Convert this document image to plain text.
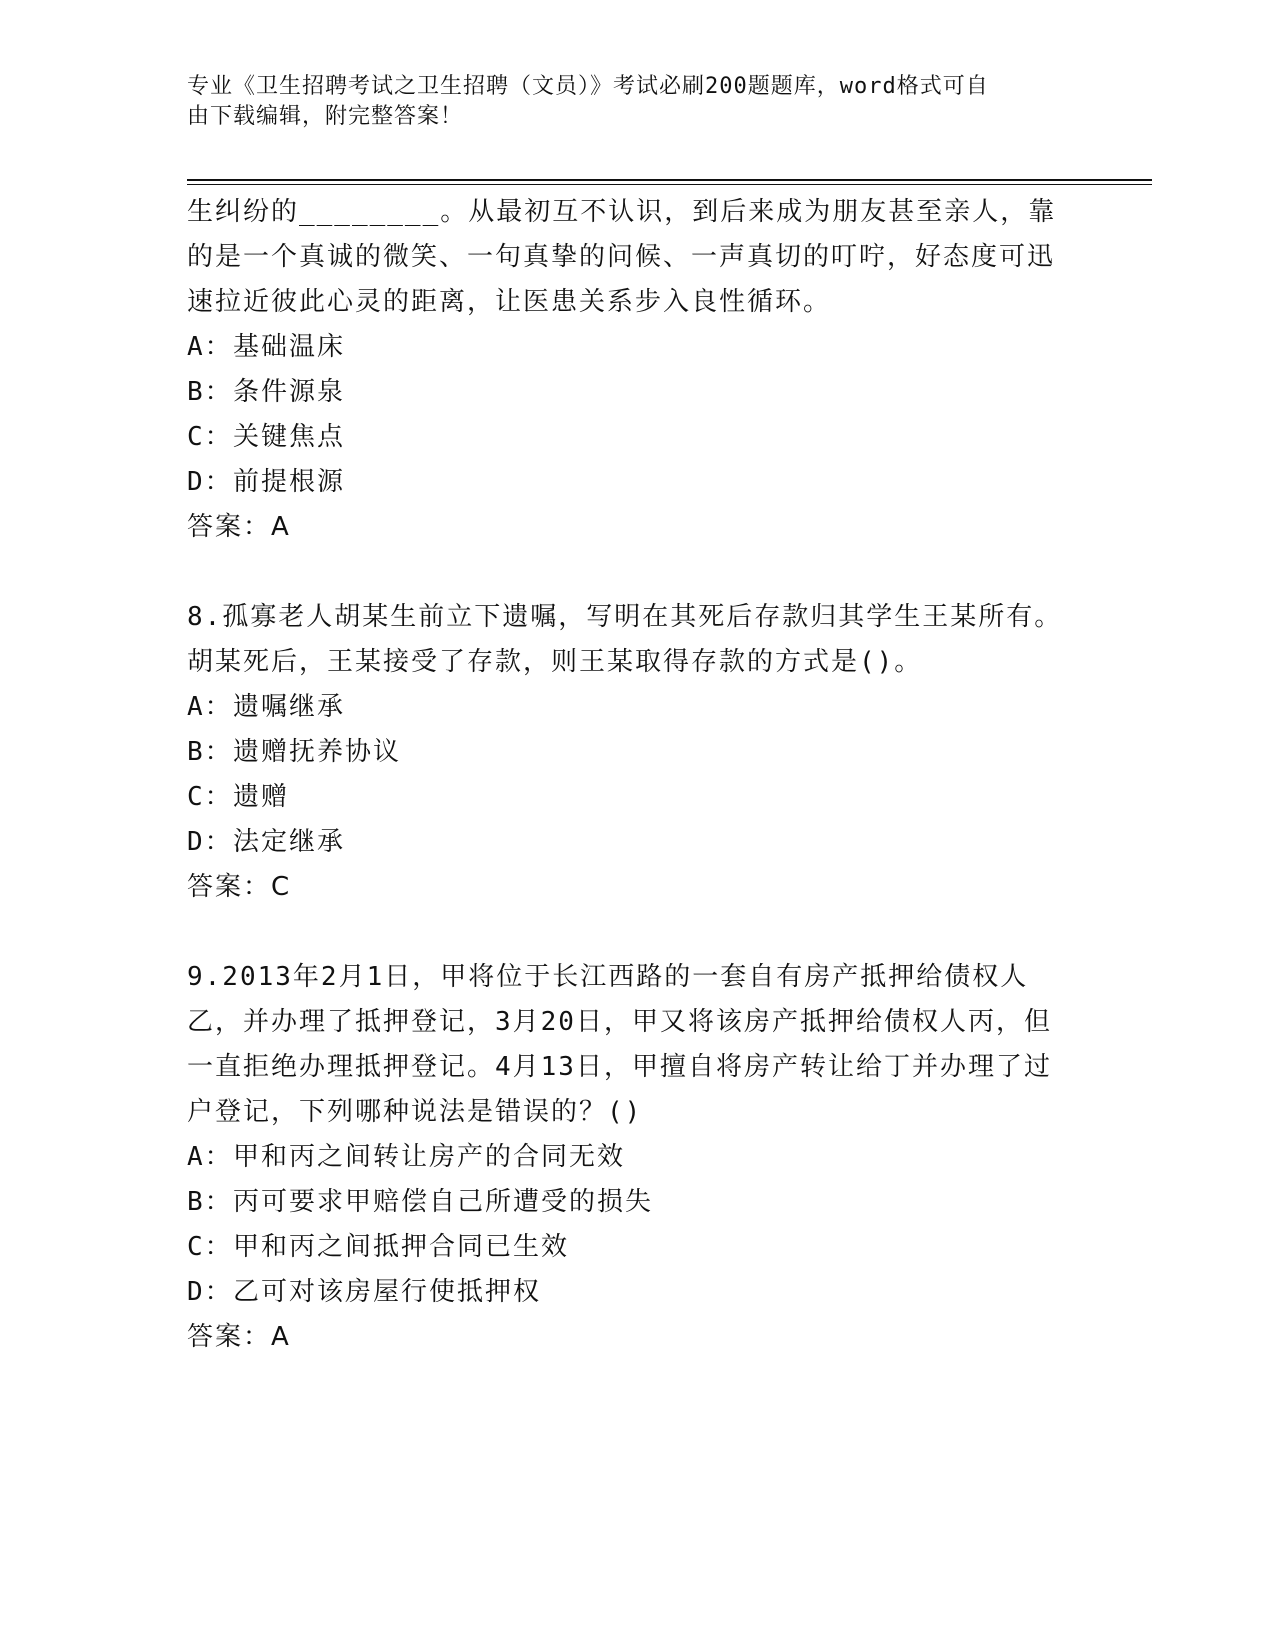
专业《卫生招聘考试之卫生招聘（文员）》考试必刷200题题库，word格式可自
由下载编辑，附完整答案！

生纠纷的________。从最初互不认识，到后来成为朋友甚至亲人，靠的是一个真诚的微笑、一句真挚的问候、一声真切的叮咛，好态度可迅速拉近彼此心灵的距离，让医患关系步入良性循环。

A：基础温床
B：条件源泉
C：关键焦点
D：前提根源

答案：A

8.孤寡老人胡某生前立下遗嘱，写明在其死后存款归其学生王某所有。胡某死后，王某接受了存款，则王某取得存款的方式是()。

A：遗嘱继承
B：遗赠抚养协议
C：遗赠
D：法定继承

答案：C

9.2013年2月1日，甲将位于长江西路的一套自有房产抵押给债权人乙，并办理了抵押登记，3月20日，甲又将该房产抵押给债权人丙，但一直拒绝办理抵押登记。4月13日，甲擅自将房产转让给丁并办理了过户登记，下列哪种说法是错误的？()

A：甲和丙之间转让房产的合同无效
B：丙可要求甲赔偿自己所遭受的损失
C：甲和丙之间抵押合同已生效
D：乙可对该房屋行使抵押权

答案：A
